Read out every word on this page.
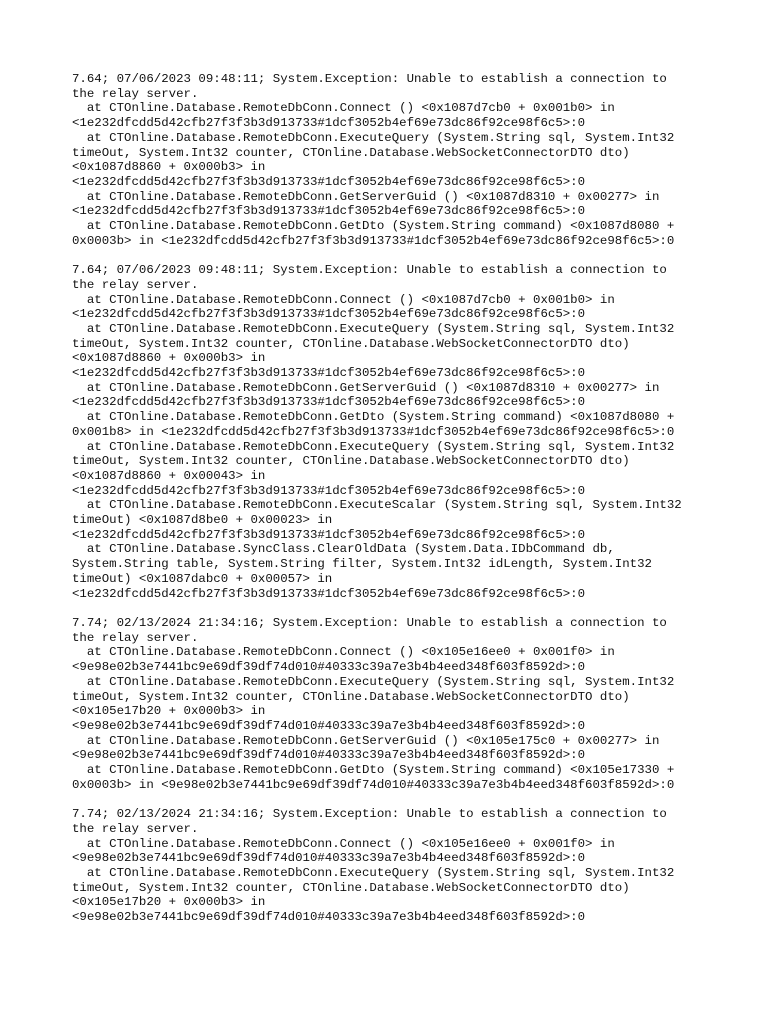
7.64; 07/06/2023 09:48:11; System.Exception: Unable to establish a connection to
the relay server.
at CTOnline.Database.RemoteDbConn.Connect () <0x1087d7cb0 + 0x001b0> in
<1e232dfcdd5d42cfb27f3f3b3d913733#1dcf3052b4ef69e73dc86f92ce98f6c5>:0
at CTOnline.Database.RemoteDbConn.ExecuteQuery (System.String sql, System.Int32
timeOut, System.Int32 counter, CTOnline.Database.WebSocketConnectorDTO dto)
<0x1087d8860 + 0x000b3> in
<1e232dfcdd5d42cfb27f3f3b3d913733#1dcf3052b4ef69e73dc86f92ce98f6c5>:0
at CTOnline.Database.RemoteDbConn.GetServerGuid () <0x1087d8310 + 0x00277> in
<1e232dfcdd5d42cfb27f3f3b3d913733#1dcf3052b4ef69e73dc86f92ce98f6c5>:0
at CTOnline.Database.RemoteDbConn.GetDto (System.String command) <0x1087d8080 +
0x0003b> in <1e232dfcdd5d42cfb27f3f3b3d913733#1dcf3052b4ef69e73dc86f92ce98f6c5>:0
7.64; 07/06/2023 09:48:11; System.Exception: Unable to establish a connection to
the relay server.
at CTOnline.Database.RemoteDbConn.Connect () <0x1087d7cb0 + 0x001b0> in
<1e232dfcdd5d42cfb27f3f3b3d913733#1dcf3052b4ef69e73dc86f92ce98f6c5>:0
at CTOnline.Database.RemoteDbConn.ExecuteQuery (System.String sql, System.Int32
timeOut, System.Int32 counter, CTOnline.Database.WebSocketConnectorDTO dto)
<0x1087d8860 + 0x000b3> in
<1e232dfcdd5d42cfb27f3f3b3d913733#1dcf3052b4ef69e73dc86f92ce98f6c5>:0
at CTOnline.Database.RemoteDbConn.GetServerGuid () <0x1087d8310 + 0x00277> in
<1e232dfcdd5d42cfb27f3f3b3d913733#1dcf3052b4ef69e73dc86f92ce98f6c5>:0
at CTOnline.Database.RemoteDbConn.GetDto (System.String command) <0x1087d8080 +
0x001b8> in <1e232dfcdd5d42cfb27f3f3b3d913733#1dcf3052b4ef69e73dc86f92ce98f6c5>:0
at CTOnline.Database.RemoteDbConn.ExecuteQuery (System.String sql, System.Int32
timeOut, System.Int32 counter, CTOnline.Database.WebSocketConnectorDTO dto)
<0x1087d8860 + 0x00043> in
<1e232dfcdd5d42cfb27f3f3b3d913733#1dcf3052b4ef69e73dc86f92ce98f6c5>:0
at CTOnline.Database.RemoteDbConn.ExecuteScalar (System.String sql, System.Int32
timeOut) <0x1087d8be0 + 0x00023> in
<1e232dfcdd5d42cfb27f3f3b3d913733#1dcf3052b4ef69e73dc86f92ce98f6c5>:0
at CTOnline.Database.SyncClass.ClearOldData (System.Data.IDbCommand db,
System.String table, System.String filter, System.Int32 idLength, System.Int32
timeOut) <0x1087dabc0 + 0x00057> in
<1e232dfcdd5d42cfb27f3f3b3d913733#1dcf3052b4ef69e73dc86f92ce98f6c5>:0
7.74; 02/13/2024 21:34:16; System.Exception: Unable to establish a connection to
the relay server.
at CTOnline.Database.RemoteDbConn.Connect () <0x105e16ee0 + 0x001f0> in
<9e98e02b3e7441bc9e69df39df74d010#40333c39a7e3b4b4eed348f603f8592d>:0
at CTOnline.Database.RemoteDbConn.ExecuteQuery (System.String sql, System.Int32
timeOut, System.Int32 counter, CTOnline.Database.WebSocketConnectorDTO dto)
<0x105e17b20 + 0x000b3> in
<9e98e02b3e7441bc9e69df39df74d010#40333c39a7e3b4b4eed348f603f8592d>:0
at CTOnline.Database.RemoteDbConn.GetServerGuid () <0x105e175c0 + 0x00277> in
<9e98e02b3e7441bc9e69df39df74d010#40333c39a7e3b4b4eed348f603f8592d>:0
at CTOnline.Database.RemoteDbConn.GetDto (System.String command) <0x105e17330 +
0x0003b> in <9e98e02b3e7441bc9e69df39df74d010#40333c39a7e3b4b4eed348f603f8592d>:0
7.74; 02/13/2024 21:34:16; System.Exception: Unable to establish a connection to
the relay server.
at CTOnline.Database.RemoteDbConn.Connect () <0x105e16ee0 + 0x001f0> in
<9e98e02b3e7441bc9e69df39df74d010#40333c39a7e3b4b4eed348f603f8592d>:0
at CTOnline.Database.RemoteDbConn.ExecuteQuery (System.String sql, System.Int32
timeOut, System.Int32 counter, CTOnline.Database.WebSocketConnectorDTO dto)
<0x105e17b20 + 0x000b3> in
<9e98e02b3e7441bc9e69df39df74d010#40333c39a7e3b4b4eed348f603f8592d>:0
